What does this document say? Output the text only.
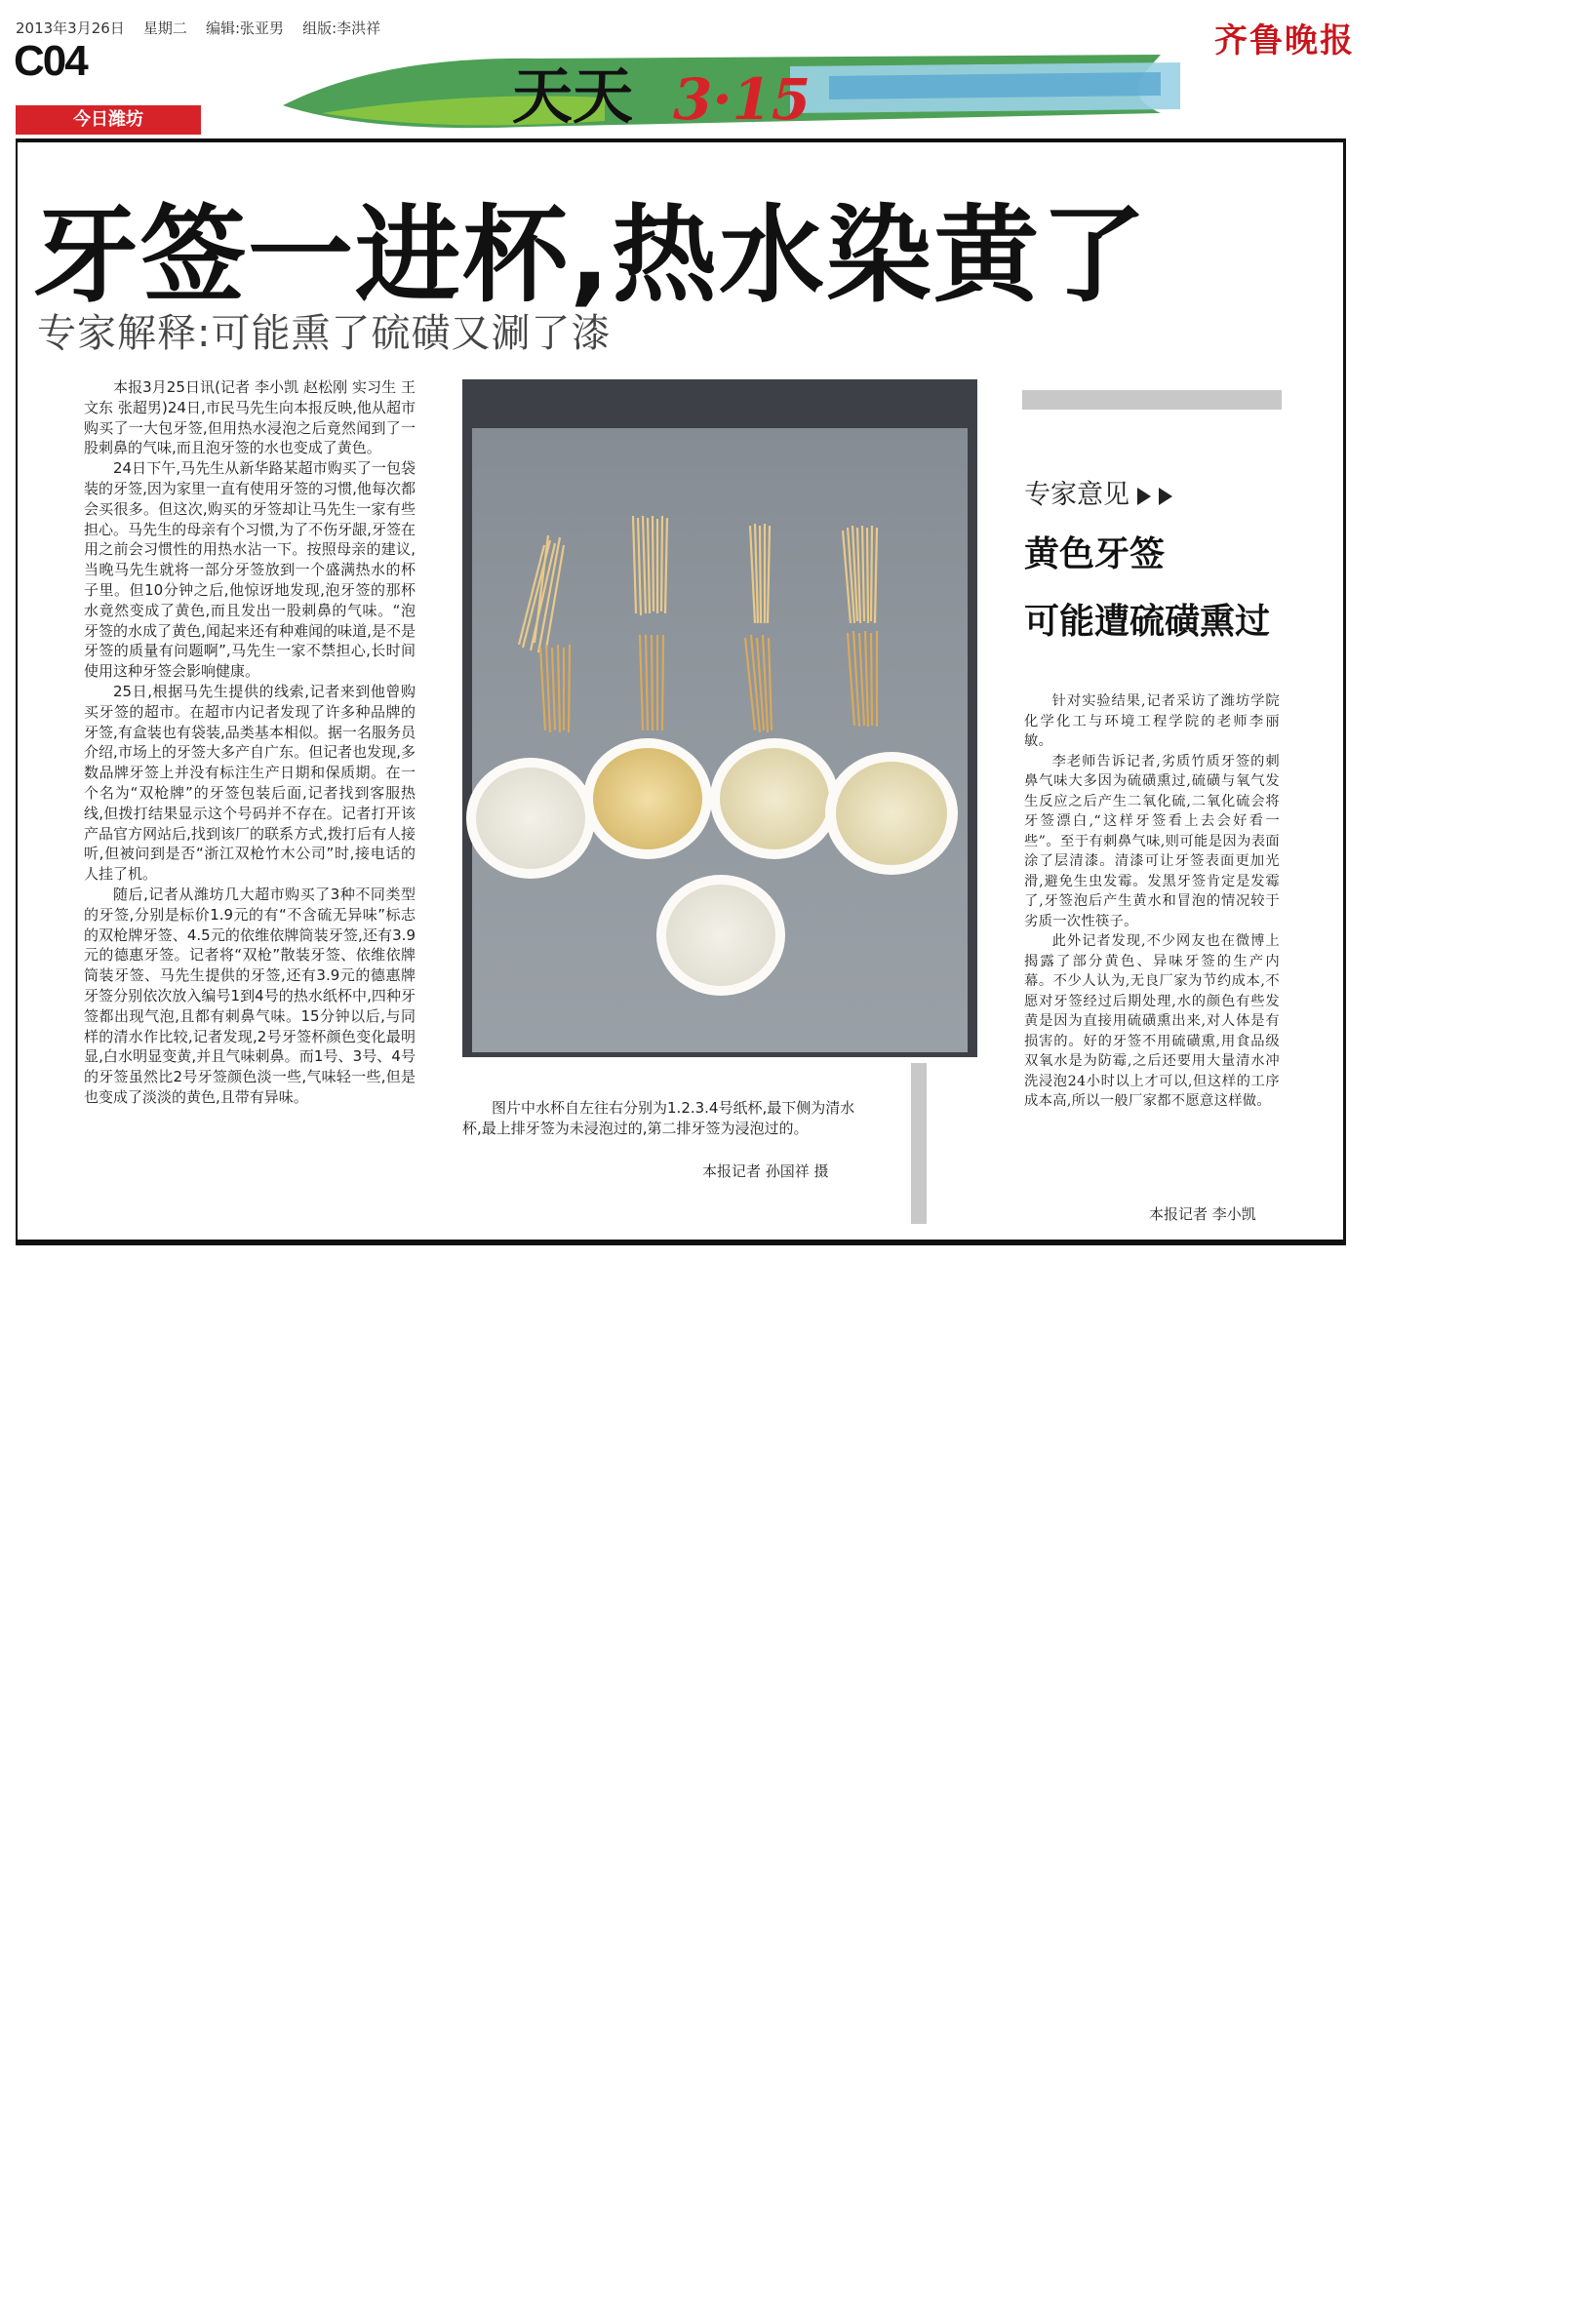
2013年3月26日 星期二 编辑:张亚男 组版:李洪祥
C04	齐鲁晚报
天天 3·15
今日潍坊
牙签一进杯,热水染黄了
专家解释:可能熏了硫磺又涮了漆

本报3月25日讯(记者 李小凯 赵松刚 实习生 王文东 张超男)24日,市民马先生向本报反映,他从超市购买了一大包牙签,但用热水浸泡之后竟然闻到了一股刺鼻的气味,而且泡牙签的水也变成了黄色。

24日下午,马先生从新华路某超市购买了一包袋装的牙签,因为家里一直有使用牙签的习惯,他每次都会买很多。但这次,购买的牙签却让马先生一家有些担心。马先生的母亲有个习惯,为了不伤牙龈,牙签在用之前会习惯性的用热水沾一下。按照母亲的建议,当晚马先生就将一部分牙签放到一个盛满热水的杯子里。但10分钟之后,他惊讶地发现,泡牙签的那杯水竟然变成了黄色,而且发出一股刺鼻的气味。“泡牙签的水成了黄色,闻起来还有种难闻的味道,是不是牙签的质量有问题啊”,马先生一家不禁担心,长时间使用这种牙签会影响健康。

25日,根据马先生提供的线索,记者来到他曾购买牙签的超市。在超市内记者发现了许多种品牌的牙签,有盒装也有袋装,品类基本相似。据一名服务员介绍,市场上的牙签大多产自广东。但记者也发现,多数品牌牙签上并没有标注生产日期和保质期。在一个名为“双枪牌”的牙签包装后面,记者找到客服热线,但拨打结果显示这个号码并不存在。记者打开该产品官方网站后,找到该厂的联系方式,拨打后有人接听,但被问到是否“浙江双枪竹木公司”时,接电话的人挂了机。

随后,记者从潍坊几大超市购买了3种不同类型的牙签,分别是标价1.9元的有“不含硫无异味”标志的双枪牌牙签、4.5元的依维依牌筒装牙签,还有3.9元的德惠牙签。记者将“双枪”散装牙签、依维依牌筒装牙签、马先生提供的牙签,还有3.9元的德惠牌牙签分别依次放入编号1到4号的热水纸杯中,四种牙签都出现气泡,且都有刺鼻气味。15分钟以后,与同样的清水作比较,记者发现,2号牙签杯颜色变化最明显,白水明显变黄,并且气味刺鼻。而1号、3号、4号的牙签虽然比2号牙签颜色淡一些,气味轻一些,但是也变成了淡淡的黄色,且带有异味。

图片中水杯自左往右分别为1.2.3.4号纸杯,最下侧为清水杯,最上排牙签为未浸泡过的,第二排牙签为浸泡过的。

本报记者 孙国祥 摄
专家意见
黄色牙签
可能遭硫磺熏过

针对实验结果,记者采访了潍坊学院化学化工与环境工程学院的老师李丽敏。

李老师告诉记者,劣质竹质牙签的刺鼻气味大多因为硫磺熏过,硫磺与氧气发生反应之后产生二氧化硫,二氧化硫会将牙签漂白,“这样牙签看上去会好看一些”。至于有刺鼻气味,则可能是因为表面涂了层清漆。清漆可让牙签表面更加光滑,避免生虫发霉。发黑牙签肯定是发霉了,牙签泡后产生黄水和冒泡的情况较于劣质一次性筷子。

此外记者发现,不少网友也在微博上揭露了部分黄色、异味牙签的生产内幕。不少人认为,无良厂家为节约成本,不愿对牙签经过后期处理,水的颜色有些发黄是因为直接用硫磺熏出来,对人体是有损害的。好的牙签不用硫磺熏,用食品级双氧水是为防霉,之后还要用大量清水冲洗浸泡24小时以上才可以,但这样的工序成本高,所以一般厂家都不愿意这样做。

本报记者 李小凯
